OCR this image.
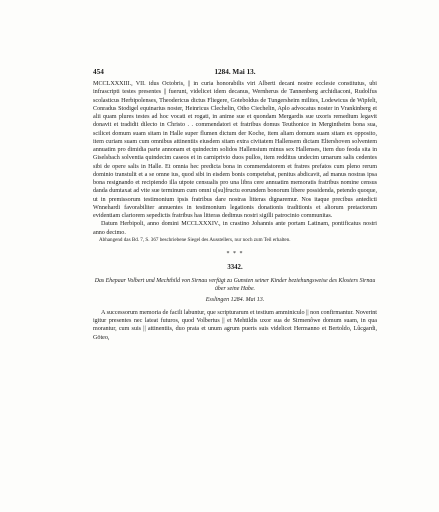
454	1284. Mai 13.

MCCLXXXIII., VII. idus Octobris, || in curia honorabilis viri Alberti decani nostre ecclesie constitutus, ubi infrascripti testes presentes || fuerunt, videlicet idem decanus, Wernherus de Tannenberg archidiaconi, Rudolfus scolasticus Herbipolenses, Theodericus dictus Fliegere, Goteboldus de Tungersheim milites, Lodewicus de Wipfelt, Conradus Stodigel equinarius noster, Heinricus Clechelin, Otho Ciechelin, Aplo advocatus noster in Vrankinberg et alii quam plures testes ad hoc vocati et rogati, in anime sue et quondam Mergardis sue uxoris remedium legavit donavit et tradidit dilecto in Christo . . commendatori et fratribus domus Teuthonice in Mergintheim bona sua, scilicet domum suam sitam in Halle super flumen dictum der Koche, item aliam domum suam sitam ex opposito, item curiam suam cum omnibus attinentiis eiusdem sitam extra civitatem Hallensem dictam Eltershoven solventem annuatim pro dimidia parte annonam et quindecim solidos Hallensium minus sex Hallenses, item duo feoda sita in Giselsbach solventia quindecim caseos et in carniprivio duos pullos, item redditus undecim urnarum salis cedentes sibi de opere salis in Halle. Et omnia hec predicta bona in commendatorem et fratres prefatos cum pleno rerum dominio transtulit et a se omne ius, quod sibi in eisdem bonis competebat, penitus abdicavit, ad manus nostras ipsa bona resignando et recipiendo illa utpote censualis pro una libra cere annuatim memoratis fratribus nomine census danda dumtaxat ad vite sue terminum cum omni u[su]fructu eorundem bonorum libere possidenda, petendo quoque, ut in premissorum testimonium ipsis fratribus dare nostras litteras dignaremur. Nos itaque precibus antedicti Wnnehardi favorabiliter annuentes in testimonium legationis donationis traditionis et aliorum pretactorum evidentiam clariorem sepedictis fratribus has litteras dedimus nostri sigilli patrocinio communitas.

Datum Herbipoli, anno domini MCCLXXXIV., in crastino Johannis ante portam Latinam, pontificatus nostri anno decimo.

Abhangend das Bd. 7, S. 367 beschriebene Siegel des Ausstellers, nur noch zum Teil erhalten.

* * *
3342.

Das Ehepaar Volbert und Mechthild von Sirnau verfügt zu Gunsten seiner Kinder beziehungsweise des Klosters Sirnau über seine Habe.

Esslingen 1284. Mai 13.

A successorum memoria de facili labuntur, que scripturarum et testium amminiculo || non confirmantur. Noverint igitur presentes nec lateat futuros, quod Volbertus || et Mehtildis uxor sua de Sirmenôwe domum suam, in qua morantur, cum suis || attinentiis, duo prata et unum agrum pueris suis videlicet Hermanno et Bertoldo, Lûcgardi, Göteo,
